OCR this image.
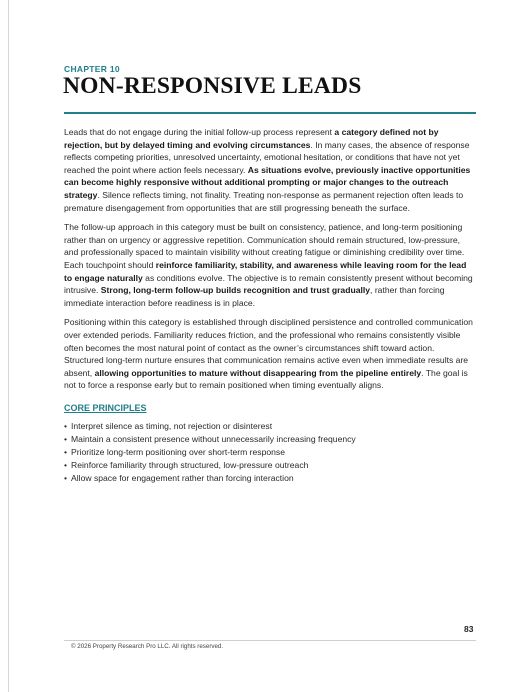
CHAPTER 10
NON-RESPONSIVE LEADS

Leads that do not engage during the initial follow-up process represent a category defined not by rejection, but by delayed timing and evolving circumstances. In many cases, the absence of response reflects competing priorities, unresolved uncertainty, emotional hesitation, or conditions that have not yet reached the point where action feels necessary. As situations evolve, previously inactive opportunities can become highly responsive without additional prompting or major changes to the outreach strategy. Silence reflects timing, not finality. Treating non-response as permanent rejection often leads to premature disengagement from opportunities that are still progressing beneath the surface.

The follow-up approach in this category must be built on consistency, patience, and long-term positioning rather than on urgency or aggressive repetition. Communication should remain structured, low-pressure, and professionally spaced to maintain visibility without creating fatigue or diminishing credibility over time. Each touchpoint should reinforce familiarity, stability, and awareness while leaving room for the lead to engage naturally as conditions evolve. The objective is to remain consistently present without becoming intrusive. Strong, long-term follow-up builds recognition and trust gradually, rather than forcing immediate interaction before readiness is in place.

Positioning within this category is established through disciplined persistence and controlled communication over extended periods. Familiarity reduces friction, and the professional who remains consistently visible often becomes the most natural point of contact as the owner’s circumstances shift toward action. Structured long-term nurture ensures that communication remains active even when immediate results are absent, allowing opportunities to mature without disappearing from the pipeline entirely. The goal is not to force a response early but to remain positioned when timing eventually aligns.

CORE PRINCIPLES
• Interpret silence as timing, not rejection or disinterest
• Maintain a consistent presence without unnecessarily increasing frequency
• Prioritize long-term positioning over short-term response
• Reinforce familiarity through structured, low-pressure outreach
• Allow space for engagement rather than forcing interaction
83
© 2026 Property Research Pro LLC. All rights reserved.
